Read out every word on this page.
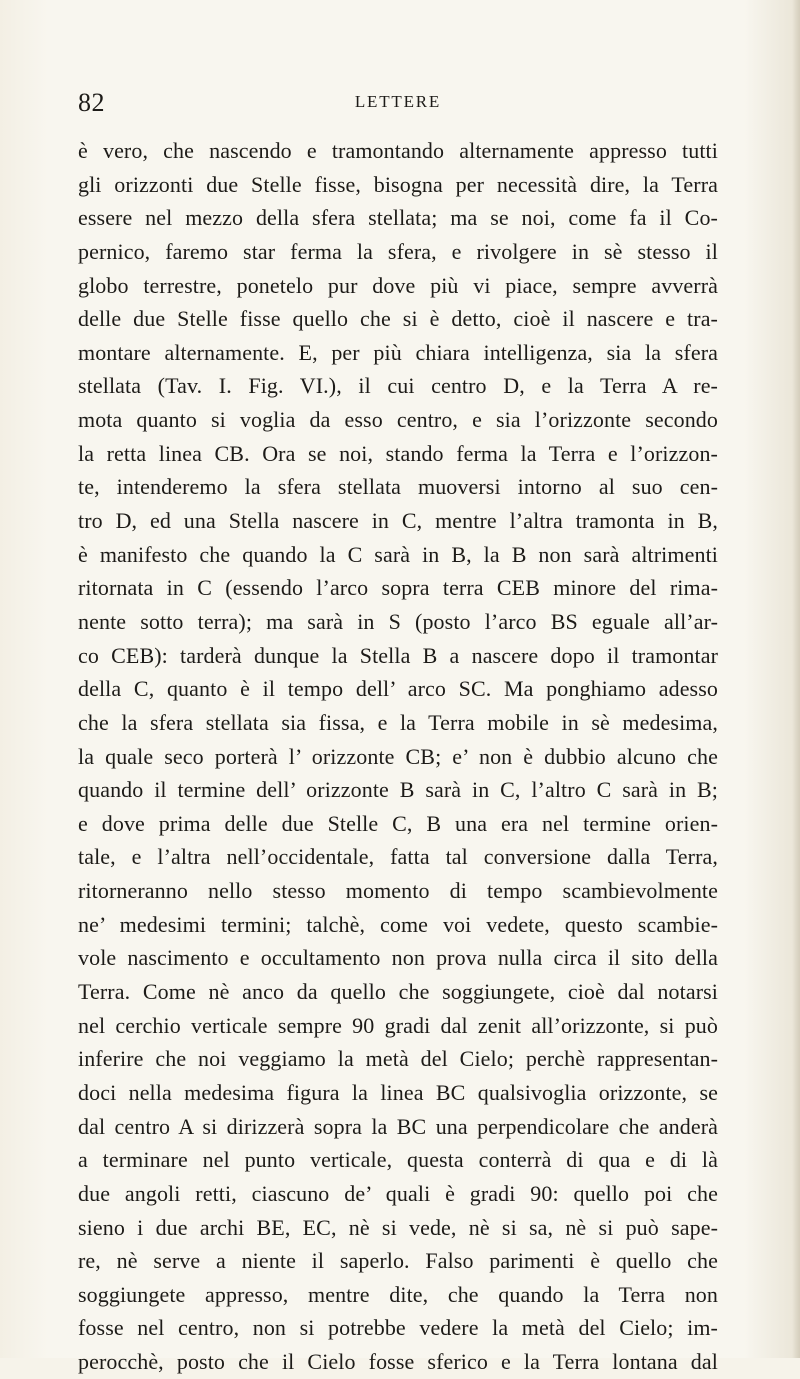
82	LETTERE
è vero, che nascendo e tramontando alternamente appresso tutti
gli orizzonti due Stelle fisse, bisogna per necessità dire, la Terra
essere nel mezzo della sfera stellata; ma se noi, come fa il Co-
pernico, faremo star ferma la sfera, e rivolgere in sè stesso il
globo terrestre, ponetelo pur dove più vi piace, sempre avverrà
delle due Stelle fisse quello che si è detto, cioè il nascere e tra-
montare alternamente. E, per più chiara intelligenza, sia la sfera
stellata (Tav. I. Fig. VI.), il cui centro D, e la Terra A re-
mota quanto si voglia da esso centro, e sia l’orizzonte secondo
la retta linea CB. Ora se noi, stando ferma la Terra e l’orizzon-
te, intenderemo la sfera stellata muoversi intorno al suo cen-
tro D, ed una Stella nascere in C, mentre l’altra tramonta in B,
è manifesto che quando la C sarà in B, la B non sarà altrimenti
ritornata in C (essendo l’arco sopra terra CEB minore del rima-
nente sotto terra); ma sarà in S (posto l’arco BS eguale all’ar-
co CEB): tarderà dunque la Stella B a nascere dopo il tramontar
della C, quanto è il tempo dell’ arco SC. Ma ponghiamo adesso
che la sfera stellata sia fissa, e la Terra mobile in sè medesima,
la quale seco porterà l’ orizzonte CB; e’ non è dubbio alcuno che
quando il termine dell’ orizzonte B sarà in C, l’altro C sarà in B;
e dove prima delle due Stelle C, B una era nel termine orien-
tale, e l’altra nell’occidentale, fatta tal conversione dalla Terra,
ritorneranno nello stesso momento di tempo scambievolmente
ne’ medesimi termini; talchè, come voi vedete, questo scambie-
vole nascimento e occultamento non prova nulla circa il sito della
Terra. Come nè anco da quello che soggiungete, cioè dal notarsi
nel cerchio verticale sempre 90 gradi dal zenit all’orizzonte, si può
inferire che noi veggiamo la metà del Cielo; perchè rappresentan-
doci nella medesima figura la linea BC qualsivoglia orizzonte, se
dal centro A si dirizzerà sopra la BC una perpendicolare che anderà
a terminare nel punto verticale, questa conterrà di qua e di là
due angoli retti, ciascuno de’ quali è gradi 90: quello poi che
sieno i due archi BE, EC, nè si vede, nè si sa, nè si può sape-
re, nè serve a niente il saperlo. Falso parimenti è quello che
soggiungete appresso, mentre dite, che quando la Terra non
fosse nel centro, non si potrebbe vedere la metà del Cielo; im-
perocchè, posto che il Cielo fosse sferico e la Terra lontana dal
